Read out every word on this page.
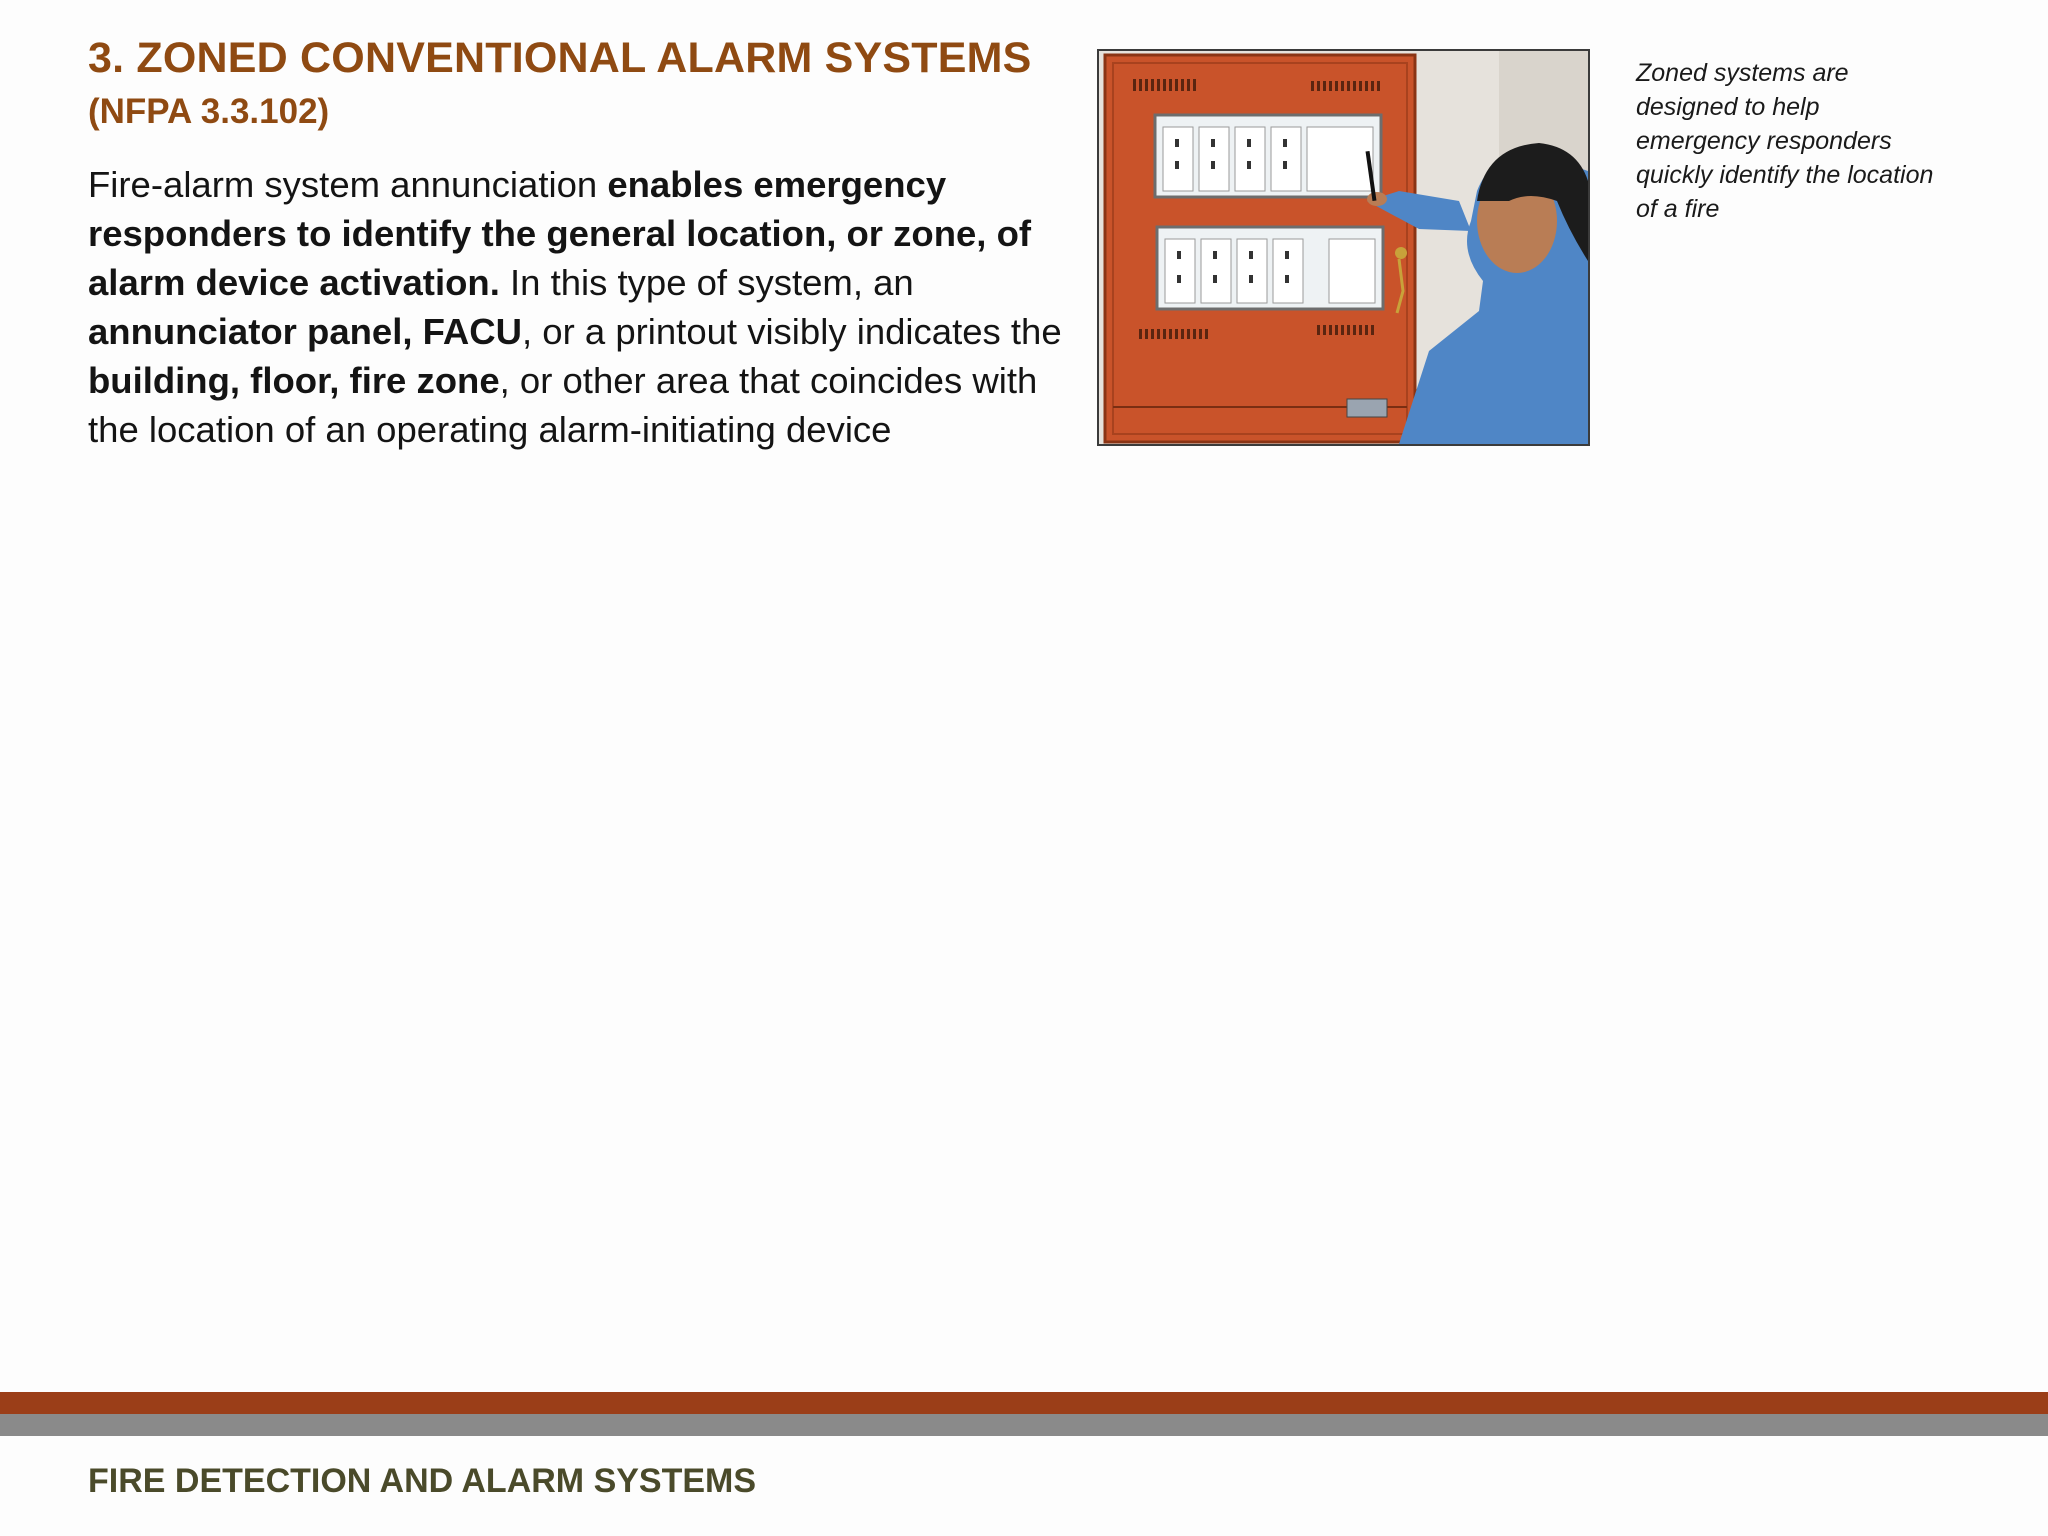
3. ZONED CONVENTIONAL ALARM SYSTEMS
(NFPA 3.3.102)

Fire-alarm system annunciation enables emergency responders to identify the general location, or zone, of alarm device activation. In this type of system, an annunciator panel, FACU, or a printout visibly indicates the building, floor, fire zone, or other area that coincides with the location of an operating alarm-initiating device

Zoned systems are designed to help emergency responders quickly identify the location of a fire

FIRE DETECTION AND ALARM SYSTEMS
